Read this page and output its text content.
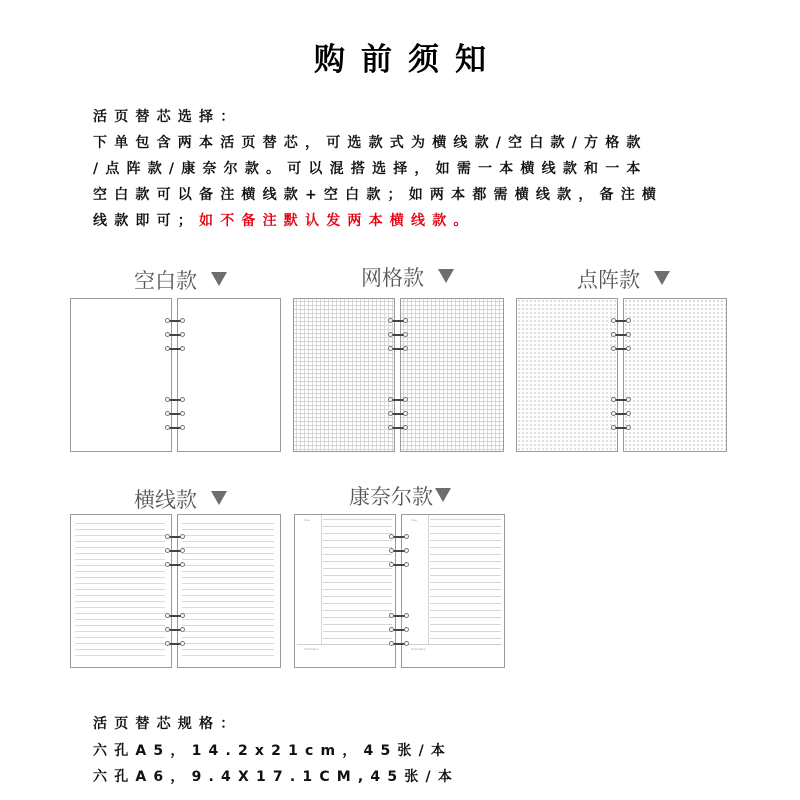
购前须知
活页替芯选择：
下单包含两本活页替芯，可选款式为横线款/空白款/方格款
/点阵款/康奈尔款。可以混搭选择，如需一本横线款和一本
空白款可以备注横线款+空白款；如两本都需横线款，备注横
线款即可；如不备注默认发两本横线款。
空白款	网格款	点阵款
横线款	康奈尔款
Cue
Summary
Cue
Summary
活页替芯规格：
六孔A5，14.2x21cm，45张/本
六孔A6，9.4X17.1CM,45张/本
